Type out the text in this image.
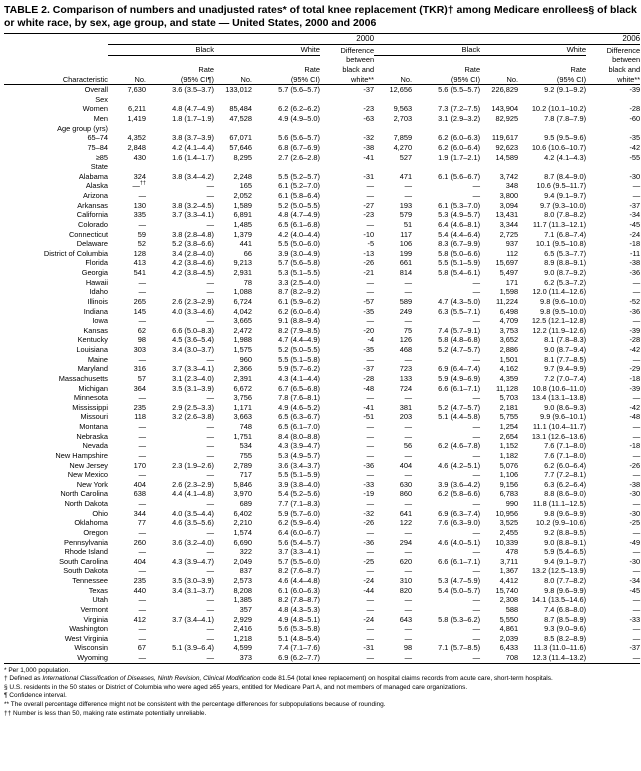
TABLE 2. Comparison of numbers and unadjusted rates* of total knee replacement (TKR)† among Medicare enrollees§ of black or white race, by sex, age group, and state — United States, 2000 and 2006
	2000					2006				
	Black		White		Difference	Black		White		Difference
					between					between
		Rate		Rate	black and		Rate		Rate	black and
Characteristic	No.	(95% CI¶)	No.	(95% CI)	white**	No.	(95% CI)	No.	(95% CI)	white**
Overall	7,630	3.6 (3.5–3.7)	133,012	5.7 (5.6–5.7)	-37	12,656	5.6 (5.5–5.7)	226,829	9.2 (9.1–9.2)	-39
Sex										
Women	6,211	4.8 (4.7–4.9)	85,484	6.2 (6.2–6.2)	-23	9,563	7.3 (7.2–7.5)	143,904	10.2 (10.1–10.2)	-28
Men	1,419	1.8 (1.7–1.9)	47,528	4.9 (4.9–5.0)	-63	2,703	3.1 (2.9–3.2)	82,925	7.8 (7.8–7.9)	-60
Age group (yrs)										
65–74	4,352	3.8 (3.7–3.9)	67,071	5.6 (5.6–5.7)	-32	7,859	6.2 (6.0–6.3)	119,617	9.5 (9.5–9.6)	-35
75–84	2,848	4.2 (4.1–4.4)	57,646	6.8 (6.7–6.9)	-38	4,270	6.2 (6.0–6.4)	92,623	10.6 (10.6–10.7)	-42
≥85	430	1.6 (1.4–1.7)	8,295	2.7 (2.6–2.8)	-41	527	1.9 (1.7–2.1)	14,589	4.2 (4.1–4.3)	-55
State										
Alabama	324	3.8 (3.4–4.2)	2,248	5.5 (5.2–5.7)	-31	471	6.1 (5.6–6.7)	3,742	8.7 (8.4–9.0)	-30
Alaska	—††	—	165	6.1 (5.2–7.0)	—	—	—	348	10.6 (9.5–11.7)	—
Arizona	—	—	2,052	6.1 (5.8–6.4)	—	—	—	3,800	9.4 (9.1–9.7)	—
Arkansas	130	3.8 (3.2–4.5)	1,589	5.2 (5.0–5.5)	-27	193	6.1 (5.3–7.0)	3,094	9.7 (9.3–10.0)	-37
California	335	3.7 (3.3–4.1)	6,891	4.8 (4.7–4.9)	-23	579	5.3 (4.9–5.7)	13,431	8.0 (7.8–8.2)	-34
Colorado	—	—	1,485	6.5 (6.1–6.8)	—	51	6.4 (4.6–8.1)	3,344	11.7 (11.3–12.1)	-45
Connecticut	59	3.8 (2.8–4.8)	1,379	4.2 (4.0–4.4)	-10	117	5.4 (4.4–6.4)	2,725	7.1 (6.8–7.4)	-24
Delaware	52	5.2 (3.8–6.6)	441	5.5 (5.0–6.0)	-5	106	8.3 (6.7–9.9)	937	10.1 (9.5–10.8)	-18
District of Columbia	128	3.4 (2.8–4.0)	66	3.9 (3.0–4.9)	-13	199	5.8 (5.0–6.6)	112	6.5 (5.3–7.7)	-11
Florida	413	4.2 (3.8–4.6)	9,213	5.7 (5.6–5.8)	-26	661	5.5 (5.1–5.9)	15,697	8.9 (8.8–9.1)	-38
Georgia	541	4.2 (3.8–4.5)	2,931	5.3 (5.1–5.5)	-21	814	5.8 (5.4–6.1)	5,497	9.0 (8.7–9.2)	-36
Hawaii	—	—	78	3.3 (2.5–4.0)	—	—	—	171	6.2 (5.3–7.2)	—
Idaho	—	—	1,088	8.7 (8.2–9.2)	—	—	—	1,598	12.0 (11.4–12.6)	—
Illinois	265	2.6 (2.3–2.9)	6,724	6.1 (5.9–6.2)	-57	589	4.7 (4.3–5.0)	11,224	9.8 (9.6–10.0)	-52
Indiana	145	4.0 (3.3–4.6)	4,042	6.2 (6.0–6.4)	-35	249	6.3 (5.5–7.1)	6,498	9.8 (9.5–10.0)	-36
Iowa	—	—	3,665	9.1 (8.8–9.4)	—	—	—	4,709	12.5 (12.1–12.8)	—
Kansas	62	6.6 (5.0–8.3)	2,472	8.2 (7.9–8.5)	-20	75	7.4 (5.7–9.1)	3,753	12.2 (11.9–12.6)	-39
Kentucky	98	4.5 (3.6–5.4)	1,988	4.7 (4.4–4.9)	-4	126	5.8 (4.8–6.8)	3,652	8.1 (7.8–8.3)	-28
Louisiana	303	3.4 (3.0–3.7)	1,575	5.2 (5.0–5.5)	-35	468	5.2 (4.7–5.7)	2,886	9.0 (8.7–9.4)	-42
Maine	—	—	960	5.5 (5.1–5.8)	—	—	—	1,501	8.1 (7.7–8.5)	—
Maryland	316	3.7 (3.3–4.1)	2,366	5.9 (5.7–6.2)	-37	723	6.9 (6.4–7.4)	4,162	9.7 (9.4–9.9)	-29
Massachusetts	57	3.1 (2.3–4.0)	2,391	4.3 (4.1–4.4)	-28	133	5.9 (4.9–6.9)	4,359	7.2 (7.0–7.4)	-18
Michigan	364	3.5 (3.1–3.9)	6,672	6.7 (6.5–6.8)	-48	724	6.6 (6.1–7.1)	11,128	10.8 (10.6–11.0)	-39
Minnesota	—	—	3,756	7.8 (7.6–8.1)	—	—	—	5,703	13.4 (13.1–13.8)	—
Mississippi	235	2.9 (2.5–3.3)	1,171	4.9 (4.6–5.2)	-41	381	5.2 (4.7–5.7)	2,181	9.0 (8.6–9.3)	-42
Missouri	118	3.2 (2.6–3.8)	3,663	6.5 (6.3–6.7)	-51	203	5.1 (4.4–5.8)	5,755	9.9 (9.6–10.1)	-48
Montana	—	—	748	6.5 (6.1–7.0)	—	—	—	1,254	11.1 (10.4–11.7)	—
Nebraska	—	—	1,751	8.4 (8.0–8.8)	—	—	—	2,654	13.1 (12.6–13.6)	—
Nevada	—	—	534	4.3 (3.9–4.7)	—	56	6.2 (4.6–7.8)	1,152	7.6 (7.1–8.0)	-18
New Hampshire	—	—	755	5.3 (4.9–5.7)	—	—	—	1,182	7.6 (7.1–8.0)	—
New Jersey	170	2.3 (1.9–2.6)	2,789	3.6 (3.4–3.7)	-36	404	4.6 (4.2–5.1)	5,076	6.2 (6.0–6.4)	-26
New Mexico	—	—	717	5.5 (5.1–5.9)	—	—	—	1,106	7.7 (7.2–8.1)	—
New York	404	2.6 (2.3–2.9)	5,846	3.9 (3.8–4.0)	-33	630	3.9 (3.6–4.2)	9,156	6.3 (6.2–6.4)	-38
North Carolina	638	4.4 (4.1–4.8)	3,970	5.4 (5.2–5.6)	-19	860	6.2 (5.8–6.6)	6,783	8.8 (8.6–9.0)	-30
North Dakota	—	—	689	7.7 (7.1–8.3)	—	—	—	990	11.8 (11.1–12.5)	—
Ohio	344	4.0 (3.5–4.4)	6,402	5.9 (5.7–6.0)	-32	641	6.9 (6.3–7.4)	10,956	9.8 (9.6–9.9)	-30
Oklahoma	77	4.6 (3.5–5.6)	2,210	6.2 (5.9–6.4)	-26	122	7.6 (6.3–9.0)	3,525	10.2 (9.9–10.6)	-25
Oregon	—	—	1,574	6.4 (6.0–6.7)	—	—	—	2,455	9.2 (8.8–9.5)	—
Pennsylvania	260	3.6 (3.2–4.0)	6,690	5.6 (5.4–5.7)	-36	294	4.6 (4.0–5.1)	10,339	9.0 (8.8–9.1)	-49
Rhode Island	—	—	322	3.7 (3.3–4.1)	—	—	—	478	5.9 (5.4–6.5)	—
South Carolina	404	4.3 (3.9–4.7)	2,049	5.7 (5.5–6.0)	-25	620	6.6 (6.1–7.1)	3,711	9.4 (9.1–9.7)	-30
South Dakota	—	—	837	8.2 (7.6–8.7)	—	—	—	1,367	13.2 (12.5–13.9)	—
Tennessee	235	3.5 (3.0–3.9)	2,573	4.6 (4.4–4.8)	-24	310	5.3 (4.7–5.9)	4,412	8.0 (7.7–8.2)	-34
Texas	440	3.4 (3.1–3.7)	8,208	6.1 (6.0–6.3)	-44	820	5.4 (5.0–5.7)	15,740	9.8 (9.6–9.9)	-45
Utah	—	—	1,385	8.2 (7.8–8.7)	—	—	—	2,308	14.1 (13.5–14.6)	—
Vermont	—	—	357	4.8 (4.3–5.3)	—	—	—	588	7.4 (6.8–8.0)	—
Virginia	412	3.7 (3.4–4.1)	2,929	4.9 (4.8–5.1)	-24	643	5.8 (5.3–6.2)	5,550	8.7 (8.5–8.9)	-33
Washington	—	—	2,416	5.6 (5.3–5.8)	—	—	—	4,861	9.3 (9.0–9.6)	—
West Virginia	—	—	1,218	5.1 (4.8–5.4)	—	—	—	2,039	8.5 (8.2–8.9)	—
Wisconsin	67	5.1 (3.9–6.4)	4,599	7.4 (7.1–7.6)	-31	98	7.1 (5.7–8.5)	6,433	11.3 (11.0–11.6)	-37
Wyoming	—	—	373	6.9 (6.2–7.7)	—	—	—	708	12.3 (11.4–13.2)	—
* Per 1,000 population.
† Defined as International Classification of Diseases, Ninth Revision, Clinical Modification code 81.54 (total knee replacement) on hospital claims records from acute care, short-term hospitals.
§ U.S. residents in the 50 states or District of Columbia who were aged ≥65 years, entitled for Medicare Part A, and not members of managed care organizations.
¶ Confidence interval.
** The overall percentage difference might not be consistent with the percentage differences for subpopulations because of rounding.
†† Number is less than 50, making rate estimate potentially unreliable.
